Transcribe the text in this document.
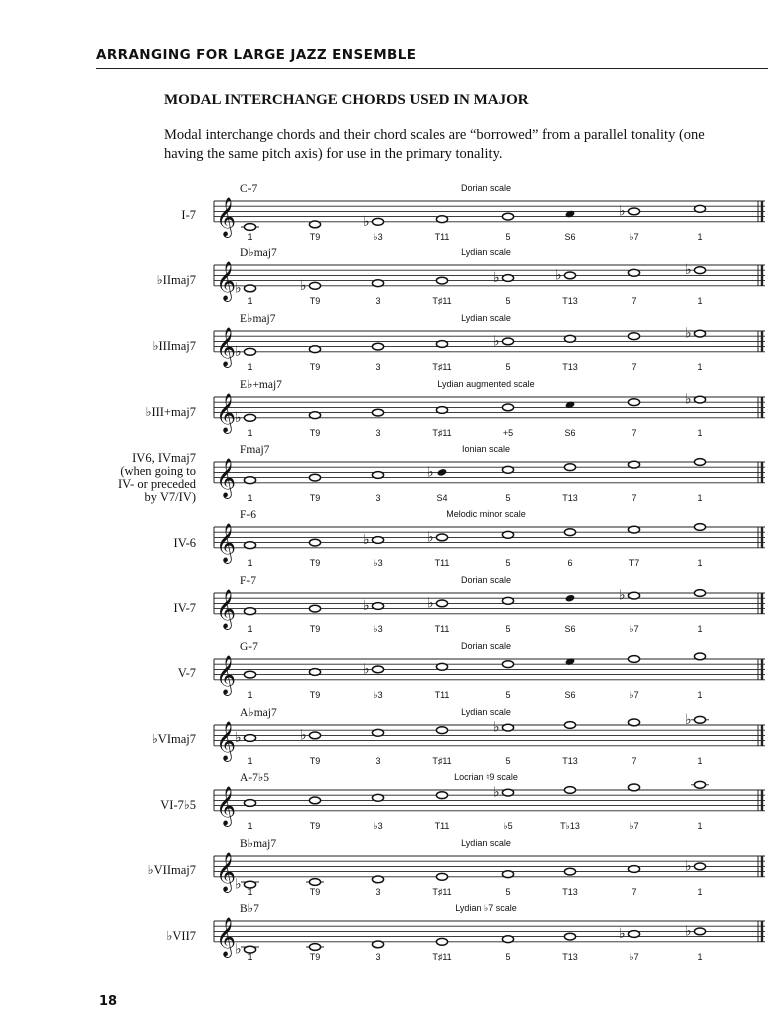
ARRANGING FOR LARGE JAZZ ENSEMBLE
MODAL INTERCHANGE CHORDS USED IN MAJOR
Modal interchange chords and their chord scales are “borrowed” from a parallel tonality (one having the same pitch axis) for use in the primary tonality.
I-7
♭IImaj7
♭IIImaj7
♭III+maj7
IV6, IVmaj7
(when going to
IV- or preceded
by V7/IV)
IV-6
IV-7
V-7
♭VImaj7
VI-7♭5
♭VIImaj7
♭VII7
𝄞
C-7	Dorian scale
♭
♭
1	T9	♭3	T11	5	S6	♭7	1
𝄞
D♭maj7	Lydian scale
♭	♭
♭	♭	♭
1	T9	3	T♯11	5	T13	7	1
𝄞
E♭maj7	Lydian scale
♭
♭
♭
1	T9	3	T♯11	5	T13	7	1
𝄞
E♭+maj7	Lydian augmented scale
♭
♭
1	T9	3	T♯11	+5	S6	7	1
𝄞
Fmaj7	Ionian scale
♭
1	T9	3	S4	5	T13	7	1
𝄞
F-6	Melodic minor scale
♭	♭
1	T9	♭3	T11	5	6	T7	1
𝄞
F-7	Dorian scale
♭	♭
♭
1	T9	♭3	T11	5	S6	♭7	1
𝄞
G-7	Dorian scale
♭
1	T9	♭3	T11	5	S6	♭7	1
𝄞
A♭maj7	Lydian scale
♭	♭
♭
♭
1	T9	3	T♯11	5	T13	7	1
𝄞
A-7♭5	Locrian ♮9 scale
♭
1	T9	♭3	T11	♭5	T♭13	♭7	1
𝄞
B♭maj7	Lydian scale
♭
♭
1	T9	3	T♯11	5	T13	7	1
𝄞
B♭7	Lydian ♭7 scale
♭
♭	♭
1	T9	3	T♯11	5	T13	♭7	1
18
